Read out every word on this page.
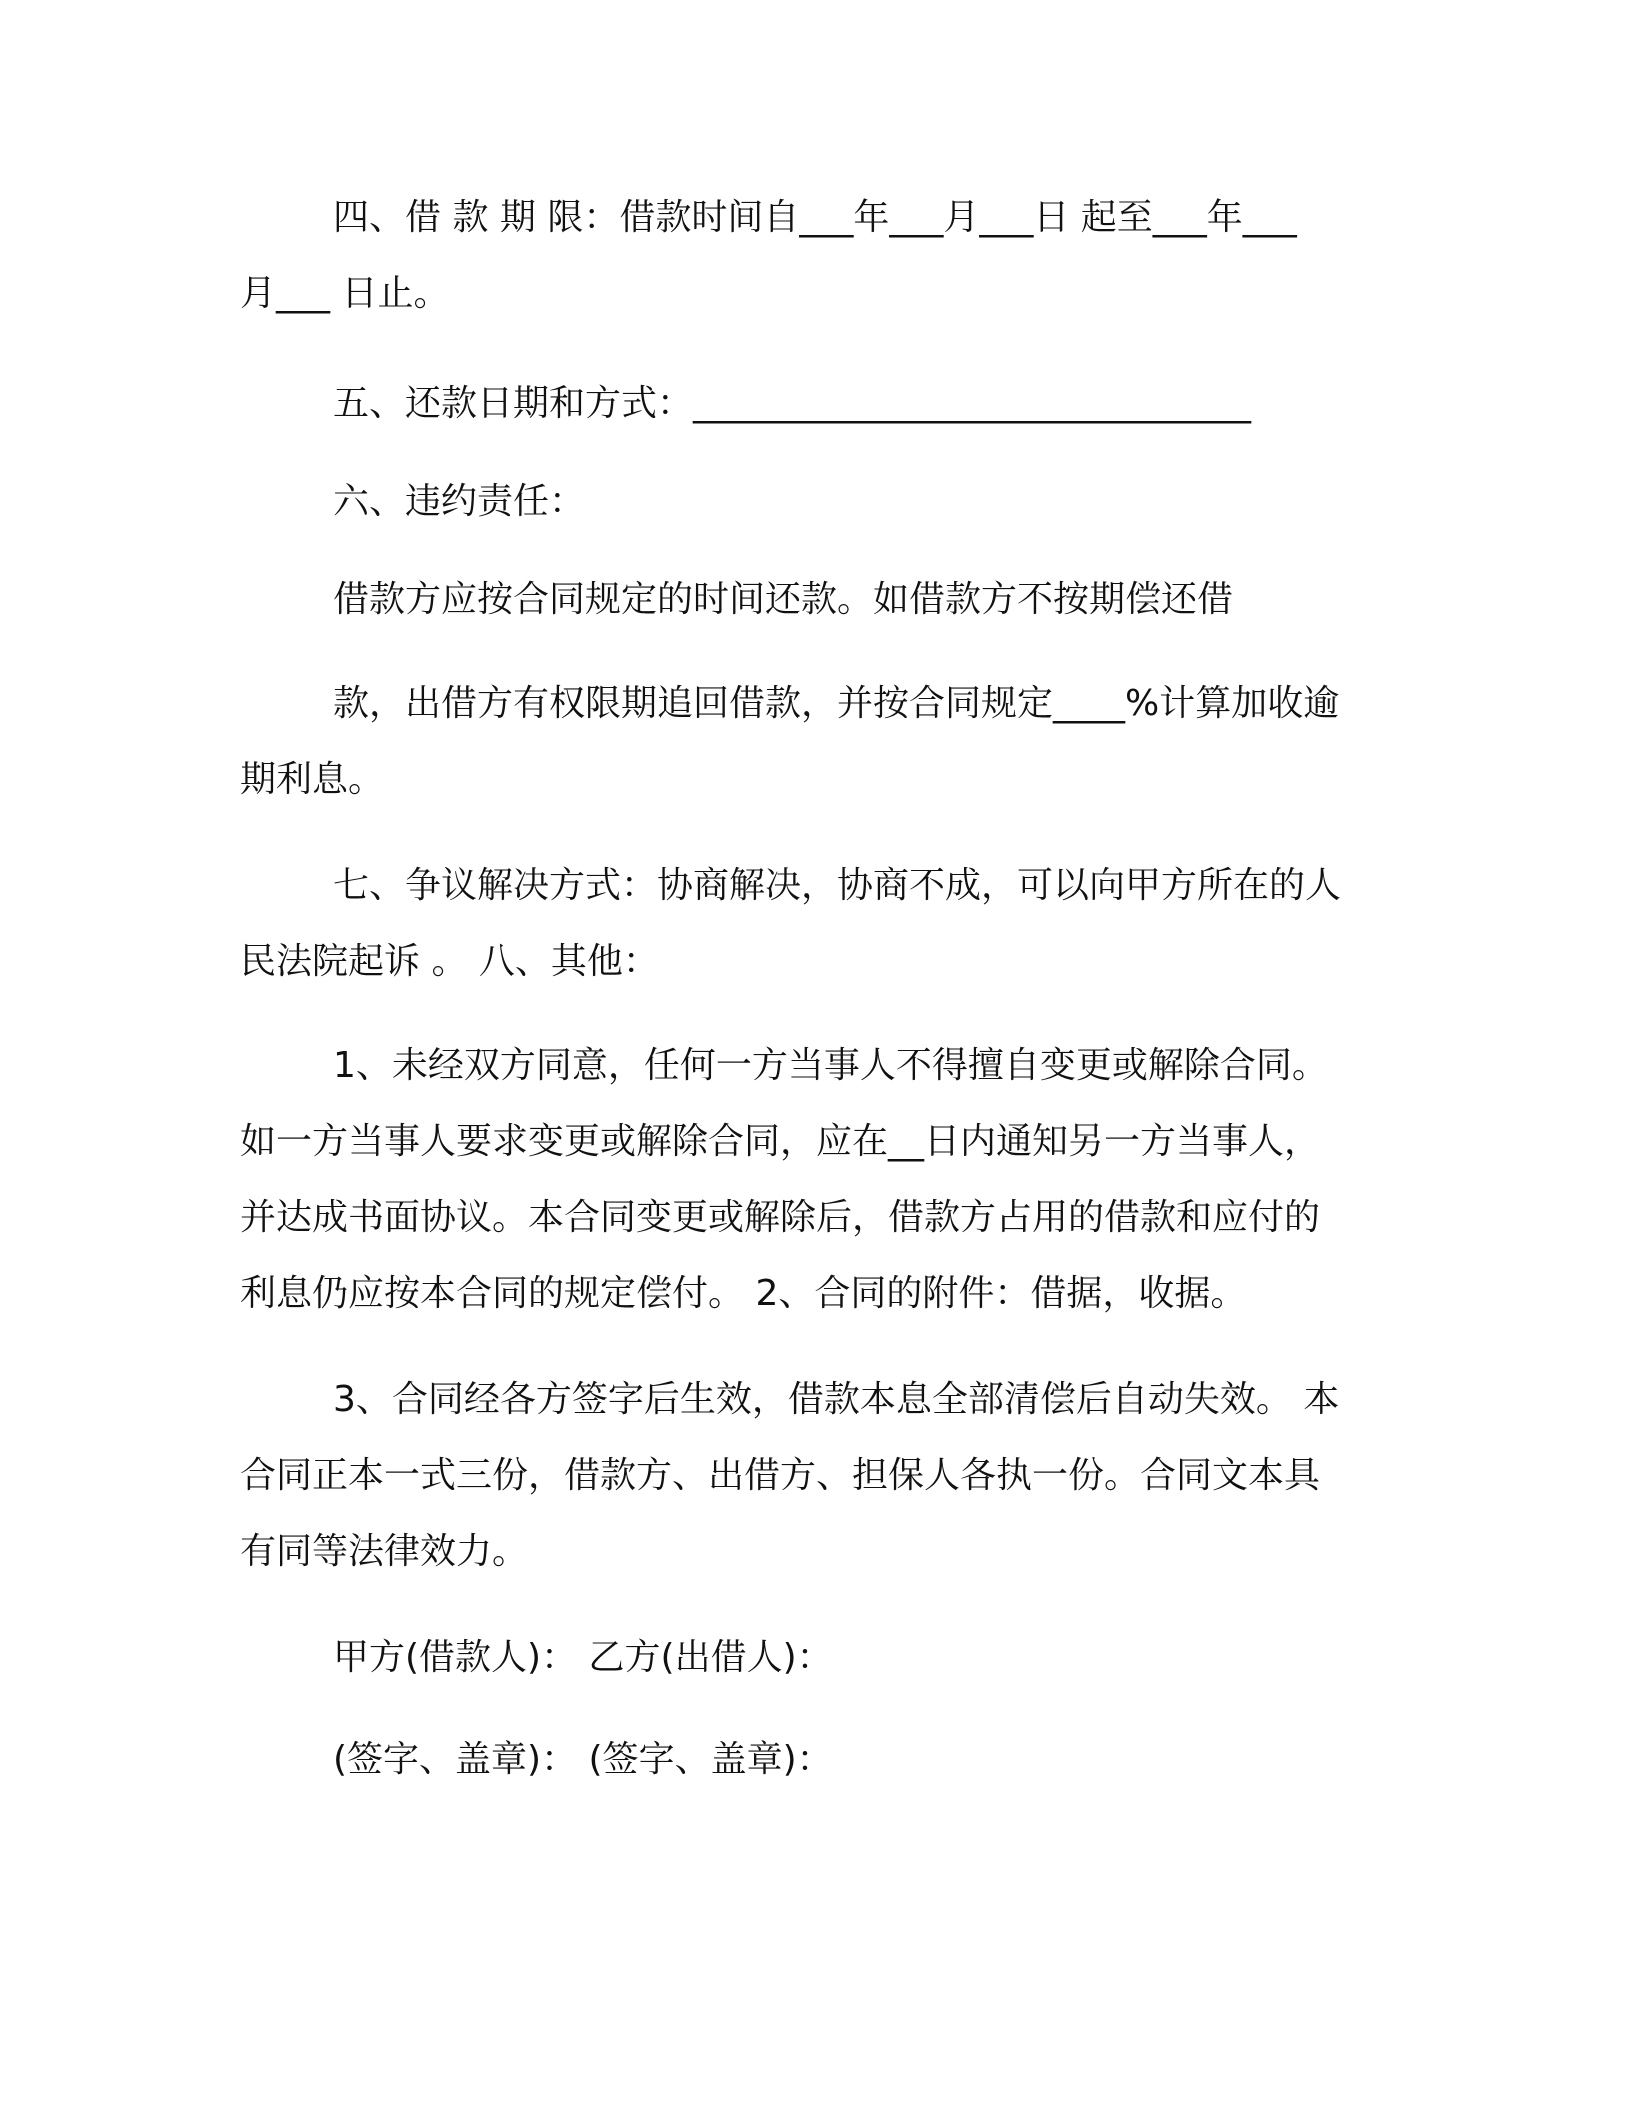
四、借 款 期 限：借款时间自___年___月___日 起至___年___
月___ 日止。
五、还款日期和方式：_______________________________
六、违约责任：
借款方应按合同规定的时间还款。如借款方不按期偿还借
款，出借方有权限期追回借款，并按合同规定____%计算加收逾
期利息。
七、争议解决方式：协商解决，协商不成，可以向甲方所在的人
民法院起诉 。 八、其他：
1、未经双方同意，任何一方当事人不得擅自变更或解除合同。
如一方当事人要求变更或解除合同，应在__日内通知另一方当事人，
并达成书面协议。本合同变更或解除后，借款方占用的借款和应付的
利息仍应按本合同的规定偿付。 2、合同的附件：借据，收据。
3、合同经各方签字后生效，借款本息全部清偿后自动失效。 本
合同正本一式三份，借款方、出借方、担保人各执一份。合同文本具
有同等法律效力。
甲方(借款人)： 乙方(出借人)：
(签字、盖章)： (签字、盖章)：
